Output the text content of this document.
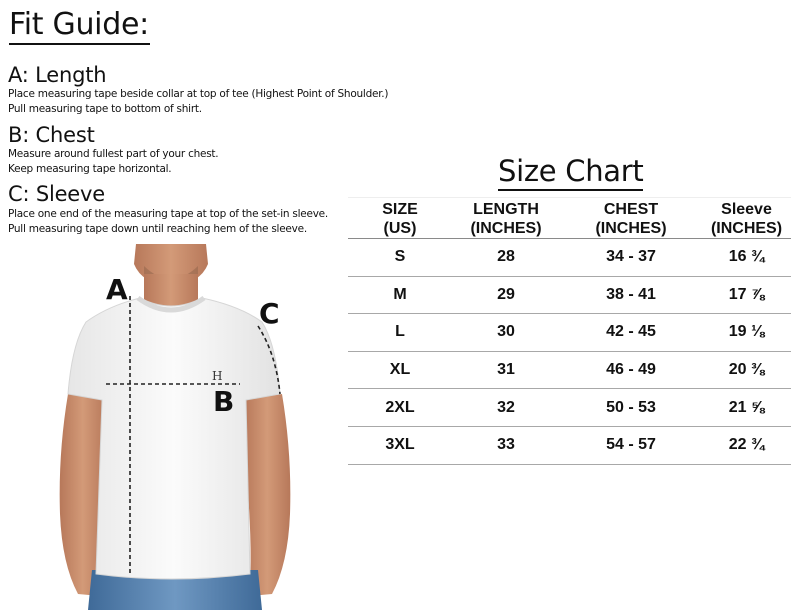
Fit Guide:
A: Length
Place measuring tape beside collar at top of tee (Highest Point of Shoulder.)
Pull measuring tape to bottom of shirt.
B: Chest
Measure around fullest part of your chest.
Keep measuring tape horizontal.
C: Sleeve
Place one end of the measuring tape at top of the set-in sleeve.
Pull measuring tape down until reaching hem of the sleeve.
H
A
B
C
Size Chart
SIZE
(US)

LENGTH
(INCHES)

CHEST
(INCHES)

Sleeve
(INCHES)

S	28	34 - 37	16 ¾
M	29	38 - 41	17 ⅞
L	30	42 - 45	19 ⅛
XL	31	46 - 49	20 ⅜
2XL	32	50 - 53	21 ⅝
3XL	33	54 - 57	22 ¾
